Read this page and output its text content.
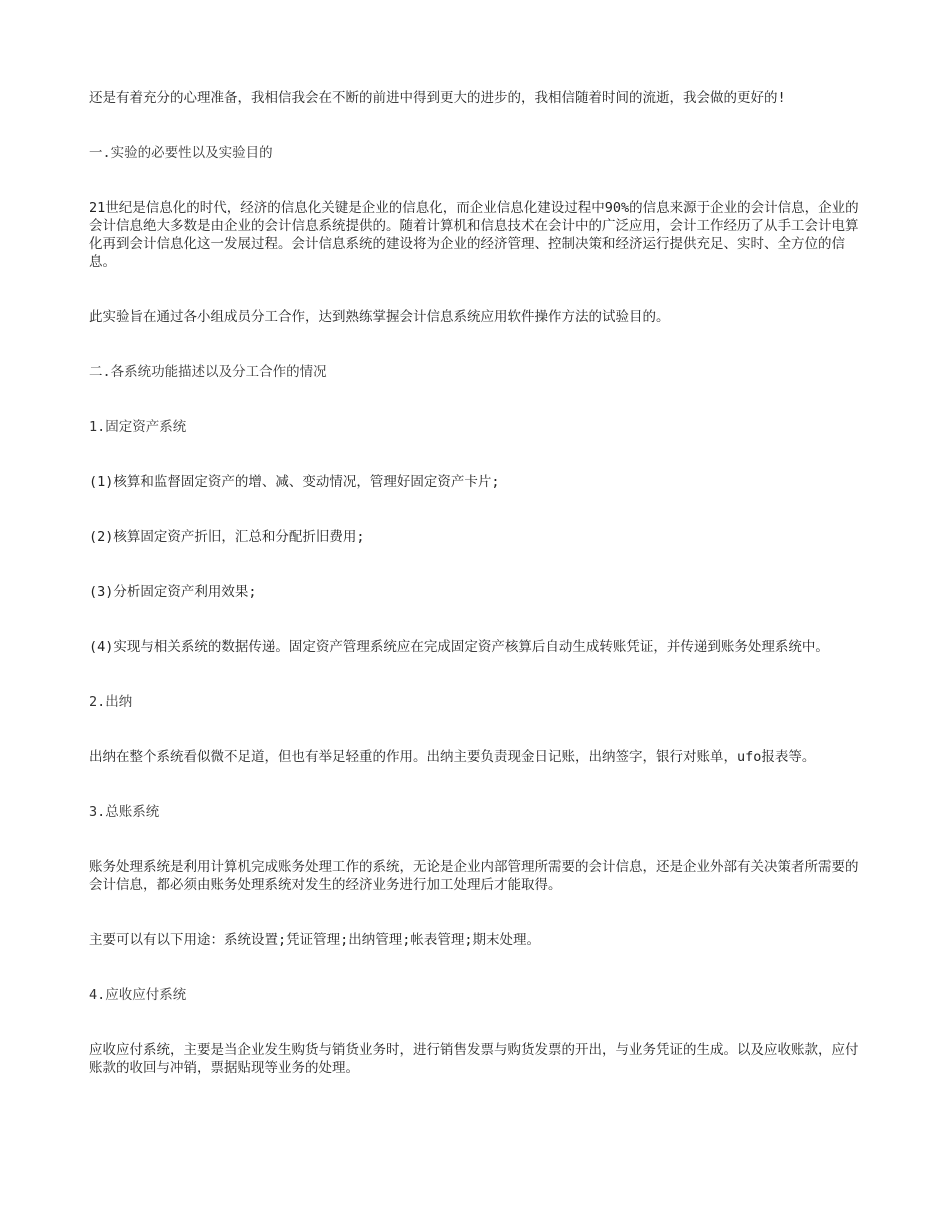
还是有着充分的心理准备，我相信我会在不断的前进中得到更大的进步的，我相信随着时间的流逝，我会做的更好的!

一.实验的必要性以及实验目的

21世纪是信息化的时代，经济的信息化关键是企业的信息化，而企业信息化建设过程中90%的信息来源于企业的会计信息，企业的会计信息绝大多数是由企业的会计信息系统提供的。随着计算机和信息技术在会计中的广泛应用，会计工作经历了从手工会计电算化再到会计信息化这一发展过程。会计信息系统的建设将为企业的经济管理、控制决策和经济运行提供充足、实时、全方位的信息。

此实验旨在通过各小组成员分工合作，达到熟练掌握会计信息系统应用软件操作方法的试验目的。

二.各系统功能描述以及分工合作的情况

1.固定资产系统

(1)核算和监督固定资产的增、减、变动情况，管理好固定资产卡片;

(2)核算固定资产折旧，汇总和分配折旧费用;

(3)分析固定资产利用效果;

(4)实现与相关系统的数据传递。固定资产管理系统应在完成固定资产核算后自动生成转账凭证，并传递到账务处理系统中。

2.出纳

出纳在整个系统看似微不足道，但也有举足轻重的作用。出纳主要负责现金日记账，出纳签字，银行对账单，ufo报表等。

3.总账系统

账务处理系统是利用计算机完成账务处理工作的系统，无论是企业内部管理所需要的会计信息，还是企业外部有关决策者所需要的会计信息，都必须由账务处理系统对发生的经济业务进行加工处理后才能取得。

主要可以有以下用途：系统设置;凭证管理;出纳管理;帐表管理;期末处理。

4.应收应付系统

应收应付系统，主要是当企业发生购货与销货业务时，进行销售发票与购货发票的开出，与业务凭证的生成。以及应收账款，应付账款的收回与冲销，票据贴现等业务的处理。
